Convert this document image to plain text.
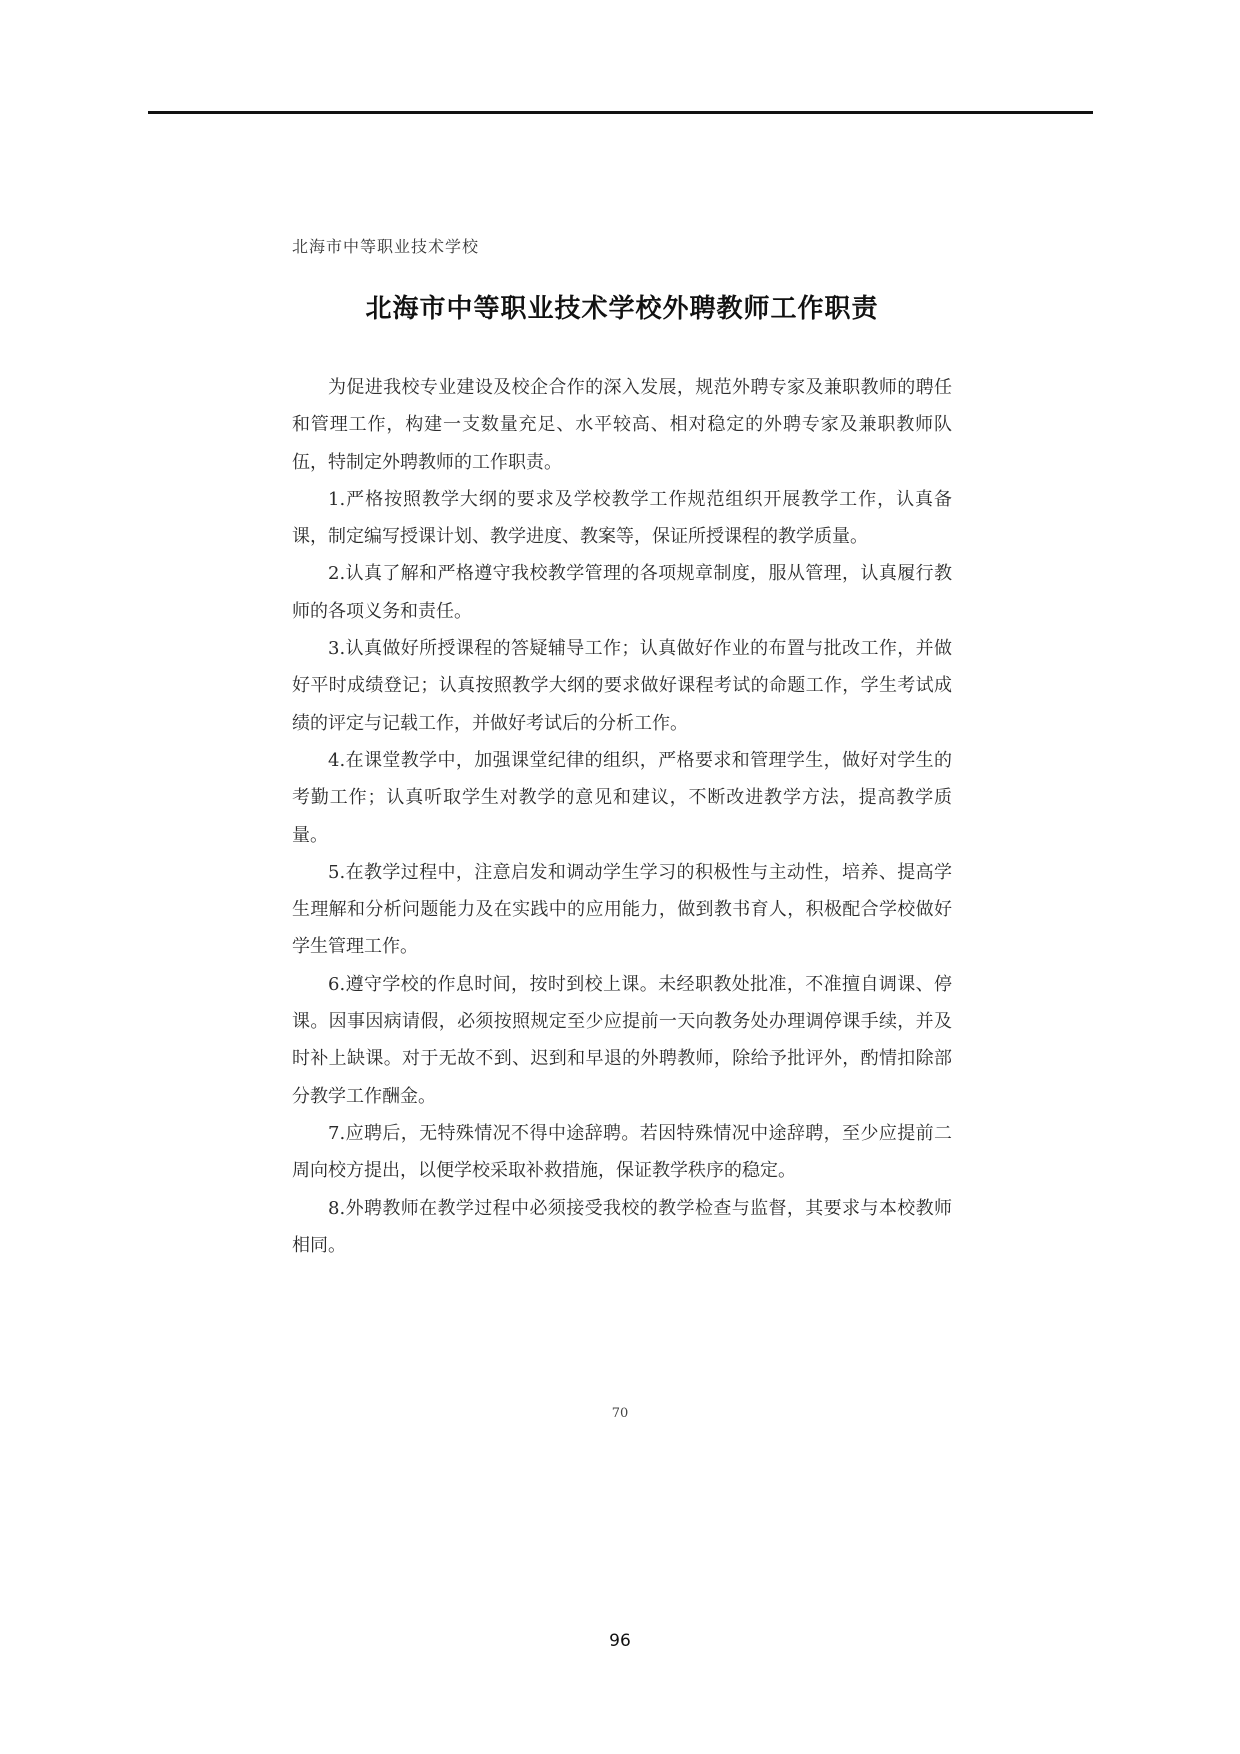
北海市中等职业技术学校
北海市中等职业技术学校外聘教师工作职责

为促进我校专业建设及校企合作的深入发展，规范外聘专家及兼职教师的聘任和管理工作，构建一支数量充足、水平较高、相对稳定的外聘专家及兼职教师队伍，特制定外聘教师的工作职责。

1.严格按照教学大纲的要求及学校教学工作规范组织开展教学工作，认真备课，制定编写授课计划、教学进度、教案等，保证所授课程的教学质量。

2.认真了解和严格遵守我校教学管理的各项规章制度，服从管理，认真履行教师的各项义务和责任。

3.认真做好所授课程的答疑辅导工作；认真做好作业的布置与批改工作，并做好平时成绩登记；认真按照教学大纲的要求做好课程考试的命题工作，学生考试成绩的评定与记载工作，并做好考试后的分析工作。

4.在课堂教学中，加强课堂纪律的组织，严格要求和管理学生，做好对学生的考勤工作；认真听取学生对教学的意见和建议，不断改进教学方法，提高教学质量。

5.在教学过程中，注意启发和调动学生学习的积极性与主动性，培养、提高学生理解和分析问题能力及在实践中的应用能力，做到教书育人，积极配合学校做好学生管理工作。

6.遵守学校的作息时间，按时到校上课。未经职教处批准，不准擅自调课、停课。因事因病请假，必须按照规定至少应提前一天向教务处办理调停课手续，并及时补上缺课。对于无故不到、迟到和早退的外聘教师，除给予批评外，酌情扣除部分教学工作酬金。

7.应聘后，无特殊情况不得中途辞聘。若因特殊情况中途辞聘，至少应提前二周向校方提出，以便学校采取补救措施，保证教学秩序的稳定。

8.外聘教师在教学过程中必须接受我校的教学检查与监督，其要求与本校教师相同。

70
96
